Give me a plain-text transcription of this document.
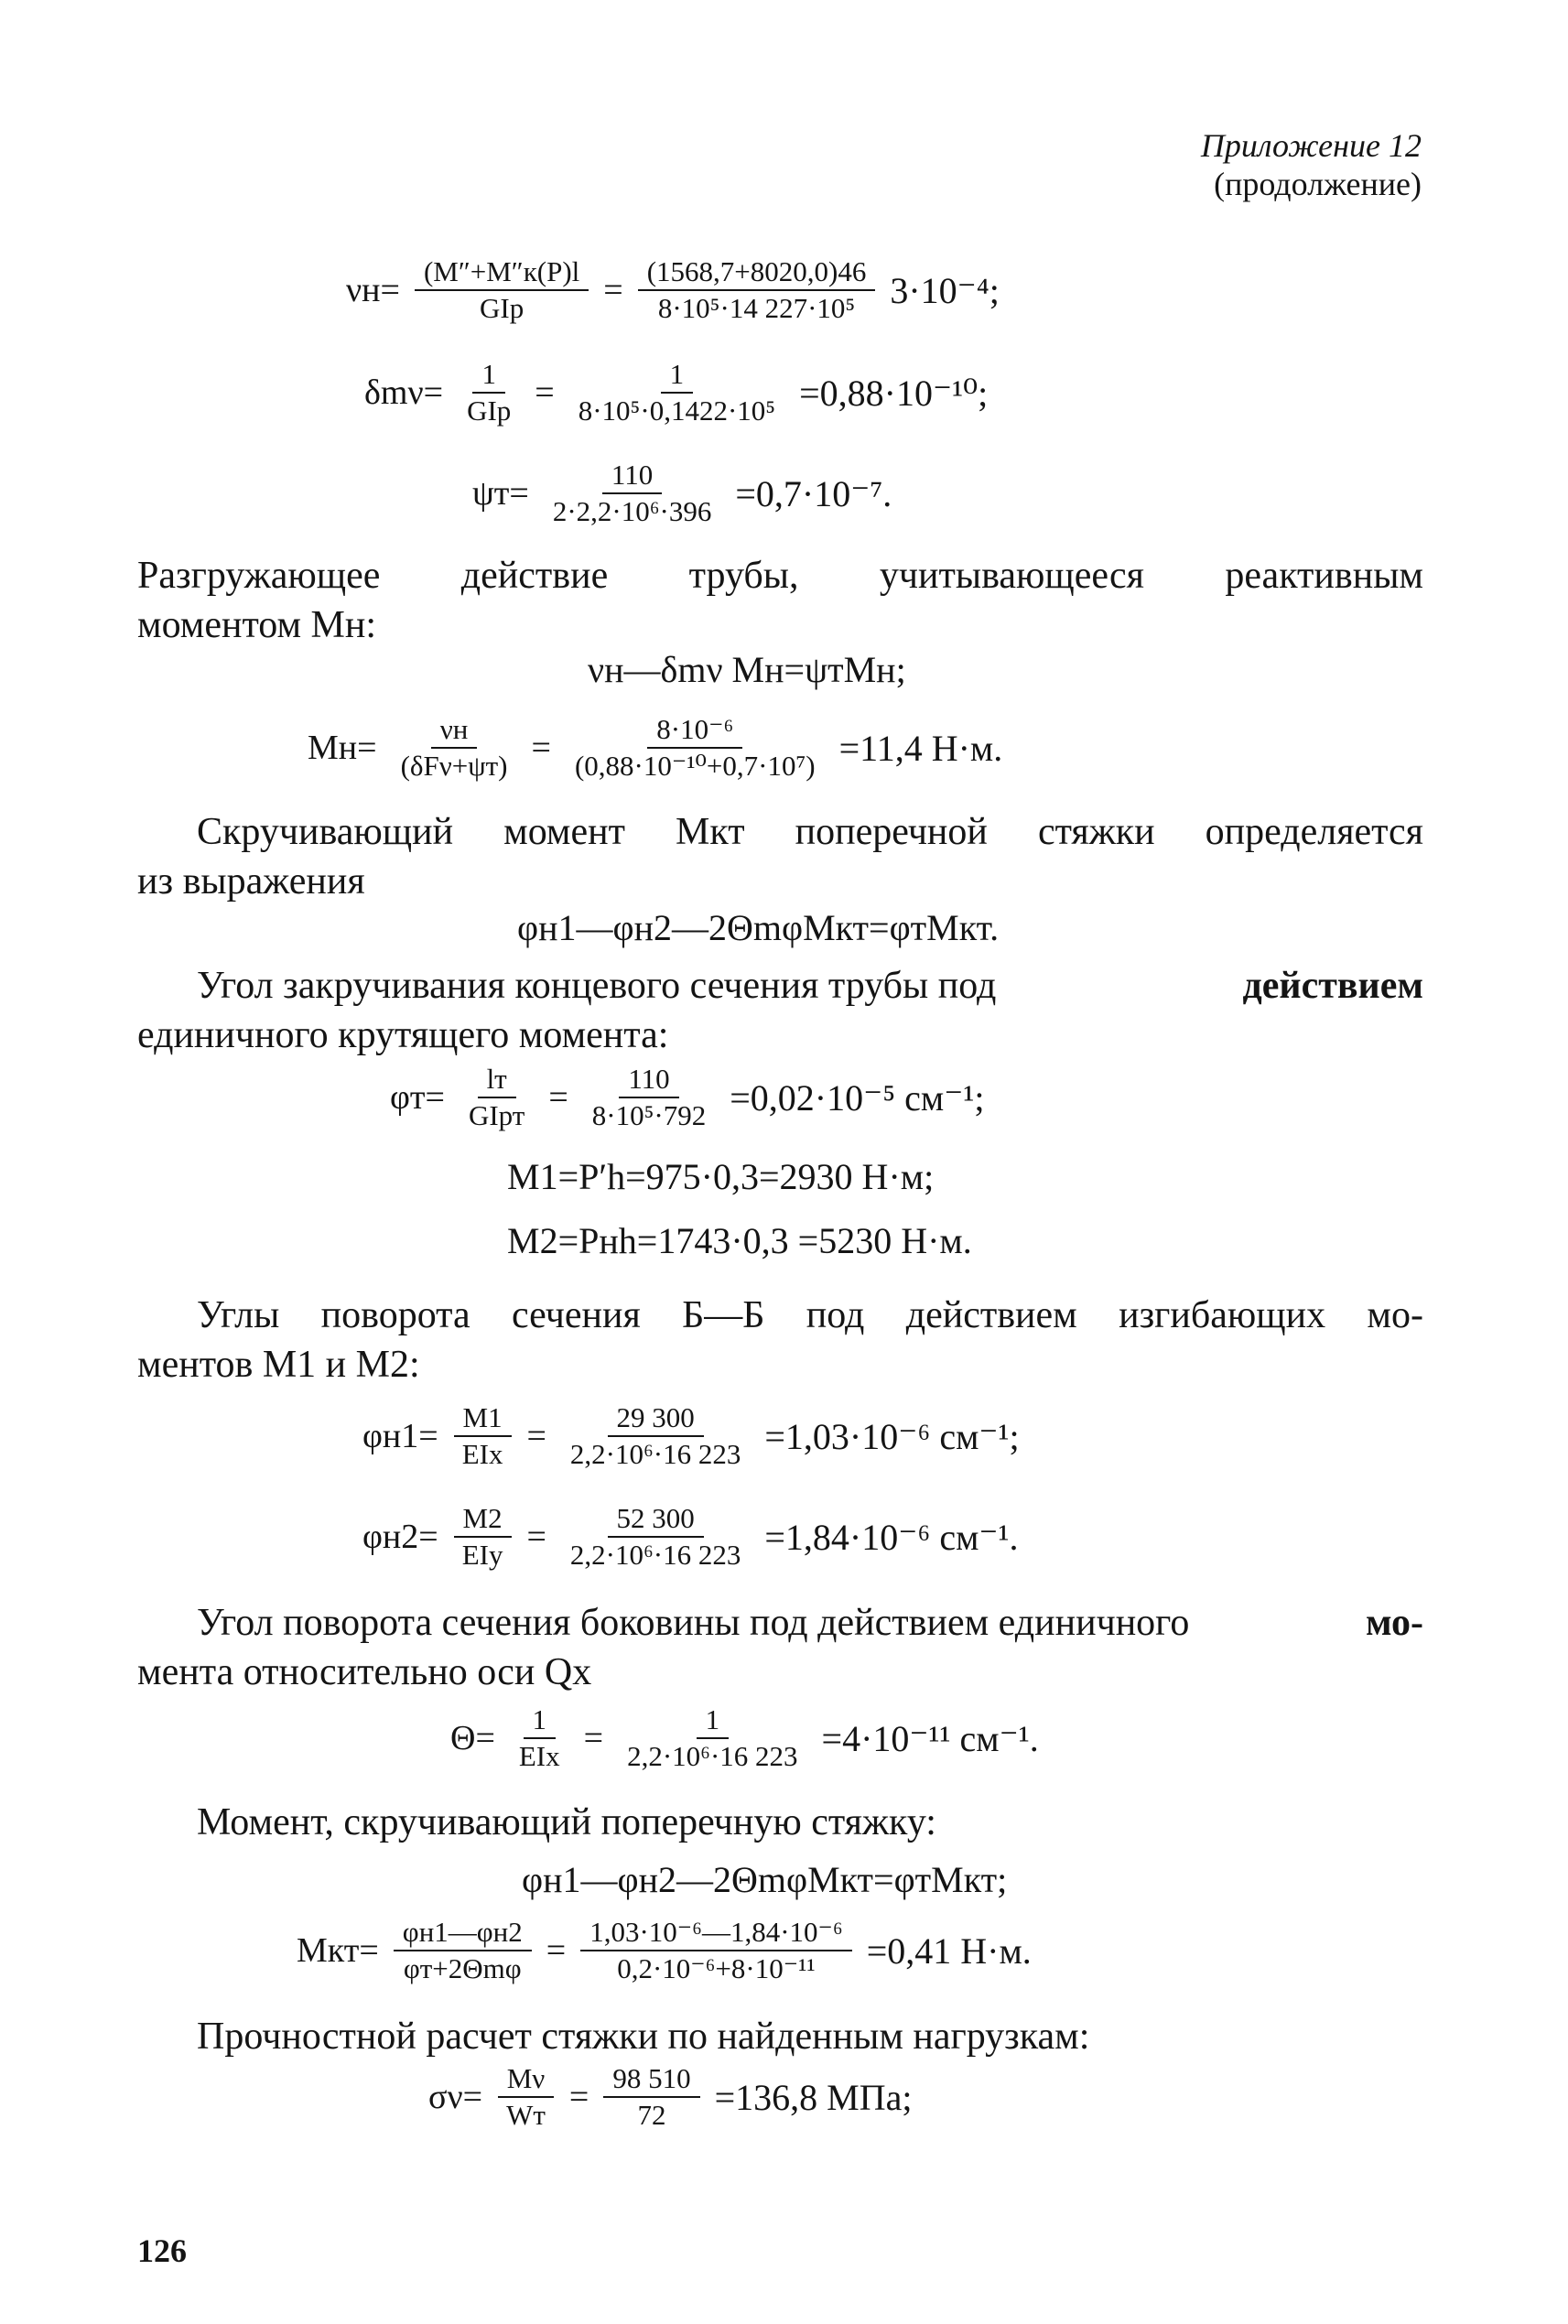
Приложение 12
(продолжение)
$\nu н= \frac{(M''+M''к(P)l}{\text{GIр}} = \frac{(1568,7+8020,0)46}{\text{8·10⁵·14 227·10⁵}} 3\cdot 10^{-4}$;
$\delta m\nu= \frac{1}{\text{GIр}} = \frac{1}{\text{8·10⁵·0,1422·10⁵}} =0,88\cdot 10^{-10}$;
$\psi т= \frac{110}{\text{2·2,2·10⁶·396}} =0,7\cdot 10^{-7}$.
Разгружающее действие трубы, учитывающееся реактивным
моментом Mн:
νн—δmν Mн=ψтMн;
$Mн= \frac{\nu н}{\text{(δFν+ψт)}} = \frac{\text{8·10⁻⁶}}{\text{(0,88·10⁻¹⁰+0,7·10⁷)}} =11,4$ Н·м.
Скручивающий момент Mкт поперечной стяжки определяется
из выражения
φн1—φн2—2ΘmφMкт=φтMкт.
Угол закручивания концевого сечения трубы под	действием
единичного крутящего момента:
$\varphi т= \frac{lт}{\text{GIрт}} = \frac{110}{\text{8·10⁵·792}} =0,02\cdot 10^{-5}$ см⁻¹;
M1=P′h=975·0,3=2930 Н·м;
M2=Pнh=1743·0,3 =5230 Н·м.
Углы поворота сечения Б—Б под действием изгибающих мо-
ментов M1 и M2:
$\varphi н1= \frac{M1}{\text{EIx}} = \frac{29 300}{\text{2,2·10⁶·16 223}} =1,03\cdot 10^{-6}$ см⁻¹;
$\varphi н2= \frac{M2}{\text{EIy}} = \frac{52 300}{\text{2,2·10⁶·16 223}} =1,84\cdot 10^{-6}$ см⁻¹.
Угол поворота сечения боковины под действием единичного	мо-
мента относительно оси Qx
$\Theta= \frac{1}{\text{EIx}} = \frac{1}{\text{2,2·10⁶·16 223}} =4\cdot 10^{-11}$ см⁻¹.
Момент, скручивающий поперечную стяжку:
φн1—φн2—2ΘmφMкт=φтMкт;
$Mкт= \frac{\varphi н1—\varphi н2}{\text{φт+2Θmφ}} = \frac{\text{1,03·10⁻⁶—1,84·10⁻⁶}}{\text{0,2·10⁻⁶+8·10⁻¹¹}} =0,41$ Н·м.
Прочностной расчет стяжки по найденным нагрузкам:
$\sigma\nu= \frac{M\nu}{Wт} = \frac{98 510}{72} =136,8$ МПа;
126
